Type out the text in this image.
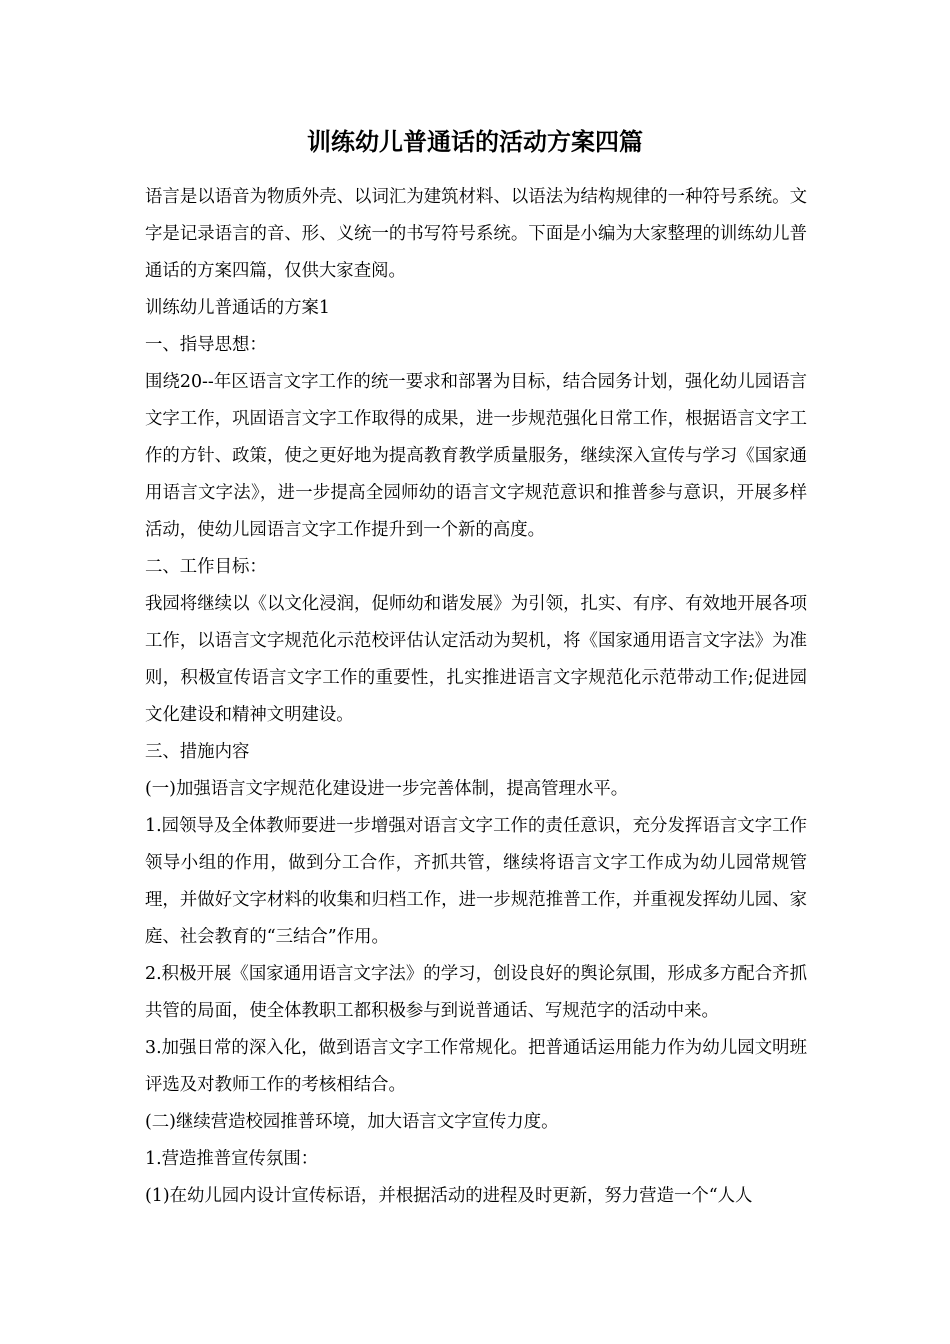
训练幼儿普通话的活动方案四篇

语言是以语音为物质外壳、以词汇为建筑材料、以语法为结构规律的一种符号系统。文字是记录语言的音、形、义统一的书写符号系统。下面是小编为大家整理的训练幼儿普通话的方案四篇，仅供大家查阅。

训练幼儿普通话的方案1

一、指导思想：

围绕20--年区语言文字工作的统一要求和部署为目标，结合园务计划，强化幼儿园语言文字工作，巩固语言文字工作取得的成果，进一步规范强化日常工作，根据语言文字工作的方针、政策，使之更好地为提高教育教学质量服务，继续深入宣传与学习《国家通用语言文字法》，进一步提高全园师幼的语言文字规范意识和推普参与意识，开展多样活动，使幼儿园语言文字工作提升到一个新的高度。

二、工作目标：

我园将继续以《以文化浸润，促师幼和谐发展》为引领，扎实、有序、有效地开展各项工作，以语言文字规范化示范校评估认定活动为契机，将《国家通用语言文字法》为准则，积极宣传语言文字工作的重要性，扎实推进语言文字规范化示范带动工作;促进园文化建设和精神文明建设。

三、措施内容

(一)加强语言文字规范化建设进一步完善体制，提高管理水平。

1.园领导及全体教师要进一步增强对语言文字工作的责任意识，充分发挥语言文字工作领导小组的作用，做到分工合作，齐抓共管，继续将语言文字工作成为幼儿园常规管理，并做好文字材料的收集和归档工作，进一步规范推普工作，并重视发挥幼儿园、家庭、社会教育的“三结合”作用。

2.积极开展《国家通用语言文字法》的学习，创设良好的舆论氛围，形成多方配合齐抓共管的局面，使全体教职工都积极参与到说普通话、写规范字的活动中来。

3.加强日常的深入化，做到语言文字工作常规化。把普通话运用能力作为幼儿园文明班评选及对教师工作的考核相结合。

(二)继续营造校园推普环境，加大语言文字宣传力度。

1.营造推普宣传氛围：

(1)在幼儿园内设计宣传标语，并根据活动的进程及时更新，努力营造一个“人人
